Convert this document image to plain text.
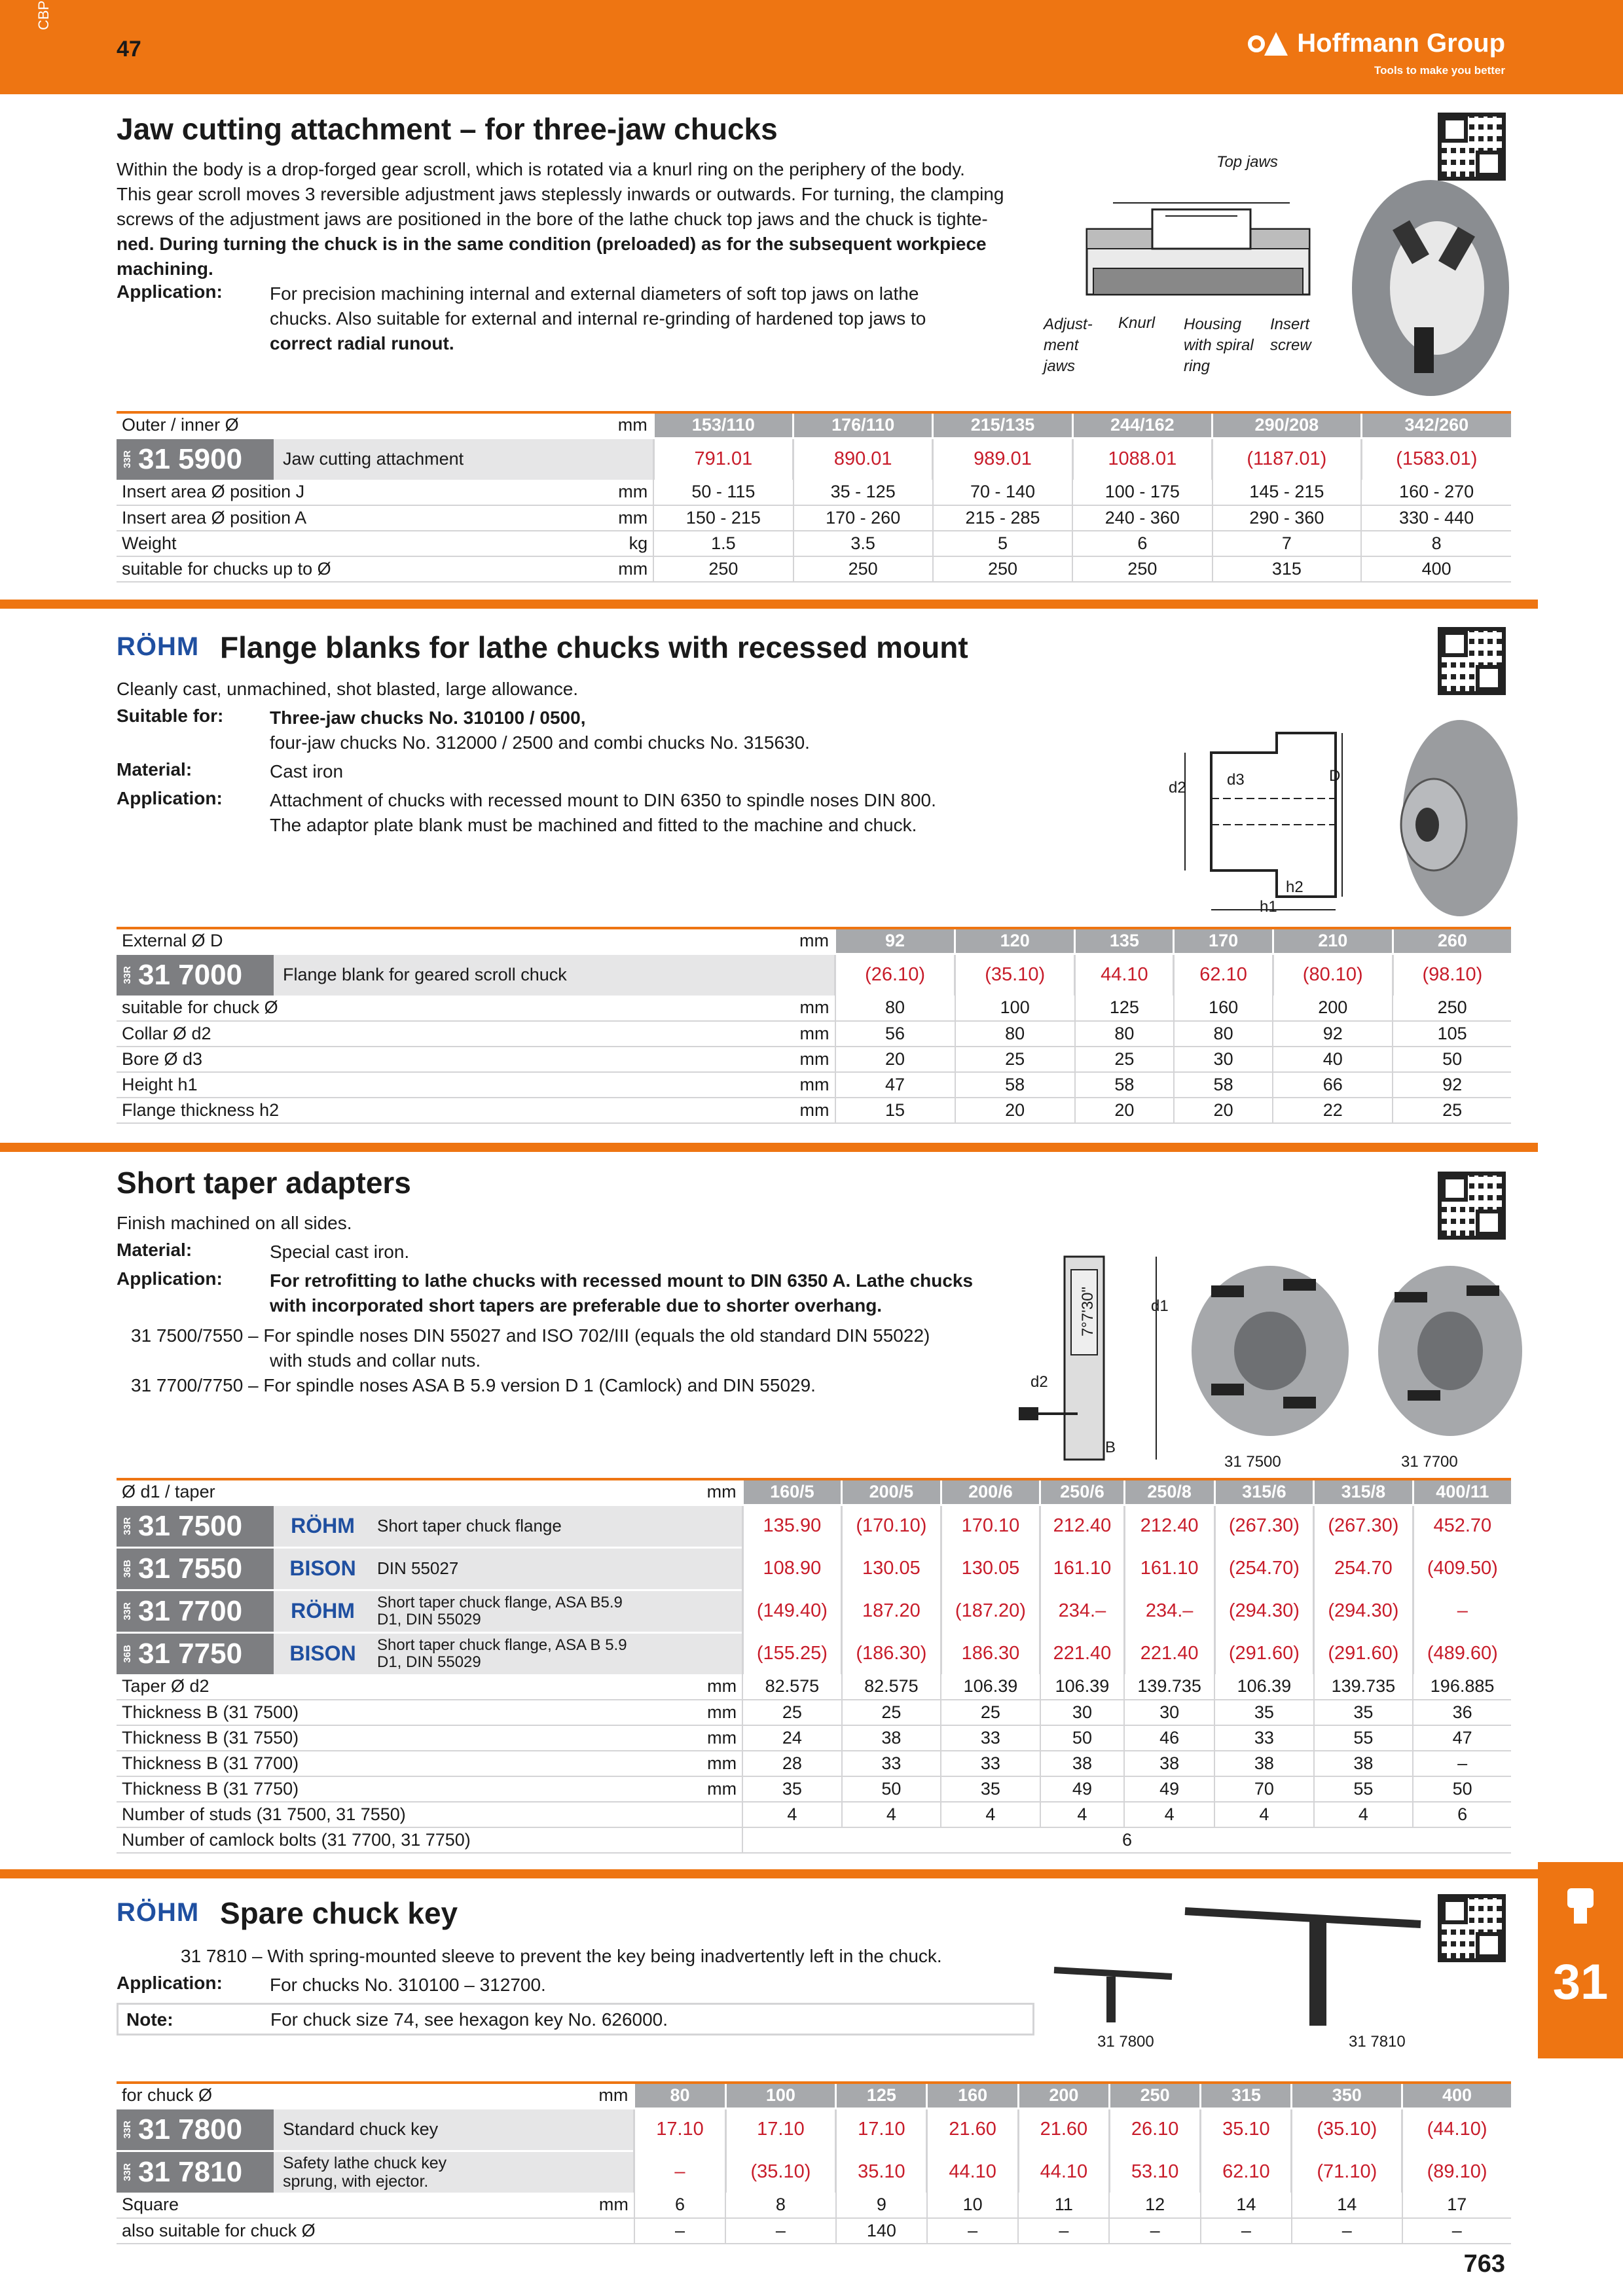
CBP
47	Hoffmann Group
Tools to make you better
Jaw cutting attachment – for three-jaw chucks
Within the body is a drop-forged gear scroll, which is rotated via a knurl ring on the periphery of the body.
This gear scroll moves 3 reversible adjustment jaws steplessly inwards or outwards. For turning, the clamping
screws of the adjustment jaws are positioned in the bore of the lathe chuck top jaws and the chuck is tighte-
ned. During turning the chuck is in the same condition (preloaded) as for the subsequent workpiece
machining.
Application:	For precision machining internal and external diameters of soft top jaws on lathe
chucks. Also suitable for external and internal re-grinding of hardened top jaws to
correct radial runout.
Top jaws
Adjust-
ment
jaws
Knurl Housing
with spiral
ring
Insert
screw
Outer / inner Ø	mm	153/110	176/110	215/135	244/162	290/208	342/260

33R 31 5900 Jaw cutting attachment		791.01	890.01	989.01	1088.01	(1187.01)	(1583.01)
Insert area Ø position J	mm	50 - 115	35 - 125	70 - 140	100 - 175	145 - 215	160 - 270
Insert area Ø position A	mm	150 - 215	170 - 260	215 - 285	240 - 360	290 - 360	330 - 440
Weight	kg	1.5	3.5	5	6	7	8
suitable for chucks up to Ø	mm	250	250	250	250	315	400
RÖHM Flange blanks for lathe chucks with recessed mount
Cleanly cast, unmachined, shot blasted, large allowance.
Suitable for:	Three-jaw chucks No. 310100 / 0500,
four-jaw chucks No. 312000 / 2500 and combi chucks No. 315630.
Material:	Cast iron
Application:	Attachment of chucks with recessed mount to DIN 6350 to spindle noses DIN 800.
The adaptor plate blank must be machined and fitted to the machine and chuck.
d2	d3	D
h2
h1
External Ø D	mm	92	120	135	170	210	260

33R 31 7000 Flange blank for geared scroll chuck		(26.10)	(35.10)	44.10	62.10	(80.10)	(98.10)
suitable for chuck Ø	mm	80	100	125	160	200	250
Collar Ø d2	mm	56	80	80	80	92	105
Bore Ø d3	mm	20	25	25	30	40	50
Height h1	mm	47	58	58	58	66	92
Flange thickness h2	mm	15	20	20	20	22	25
Short taper adapters
Finish machined on all sides.
Material:	Special cast iron.
Application:	For retrofitting to lathe chucks with recessed mount to DIN 6350 A. Lathe chucks
with incorporated short tapers are preferable due to shorter overhang.
31 7500/7550 – For spindle noses DIN 55027 and ISO 702/III (equals the old standard DIN 55022)
with studs and collar nuts.
31 7700/7750 – For spindle noses ASA B 5.9 version D 1 (Camlock) and DIN 55029.
7°7'30"	d1
d2
B
31 7500	31 7700
Ø d1 / taper	mm	160/5	200/5	200/6	250/6	250/8	315/6	315/8	400/11

33R 31 7500 RÖHM Short taper chuck flange		135.90	(170.10)	170.10	212.40	212.40	(267.30)	(267.30)	452.70

36B 31 7550 BISON DIN 55027		108.90	130.05	130.05	161.10	161.10	(254.70)	254.70	(409.50)

33R 31 7700 RÖHM Short taper chuck flange, ASA B5.9 D1, DIN 55029		(149.40)	187.20	(187.20)	234.–	234.–	(294.30)	(294.30)	–

36B 31 7750 BISON Short taper chuck flange, ASA B 5.9 D1, DIN 55029		(155.25)	(186.30)	186.30	221.40	221.40	(291.60)	(291.60)	(489.60)
Taper Ø d2	mm	82.575	82.575	106.39	106.39	139.735	106.39	139.735	196.885
Thickness B (31 7500)	mm	25	25	25	30	30	35	35	36
Thickness B (31 7550)	mm	24	38	33	50	46	33	55	47
Thickness B (31 7700)	mm	28	33	33	38	38	38	38	–
Thickness B (31 7750)	mm	35	50	35	49	49	70	55	50
Number of studs (31 7500, 31 7550)		4	4	4	4	4	4	4	6
Number of camlock bolts (31 7700, 31 7750)		6							
RÖHM Spare chuck key
31 7810 – With spring-mounted sleeve to prevent the key being inadvertently left in the chuck.
Application:	For chucks No. 310100 – 312700.
Note:	For chuck size 74, see hexagon key No. 626000.
31 7800	31 7810
for chuck Ø	mm	80	100	125	160	200	250	315	350	400

33R 31 7800 Standard chuck key		17.10	17.10	17.10	21.60	21.60	26.10	35.10	(35.10)	(44.10)

33R 31 7810 Safety lathe chuck key sprung, with ejector.		–	(35.10)	35.10	44.10	44.10	53.10	62.10	(71.10)	(89.10)
Square	mm	6	8	9	10	11	12	14	14	17
also suitable for chuck Ø		–	–	140	–	–	–	–	–	–
31
763
